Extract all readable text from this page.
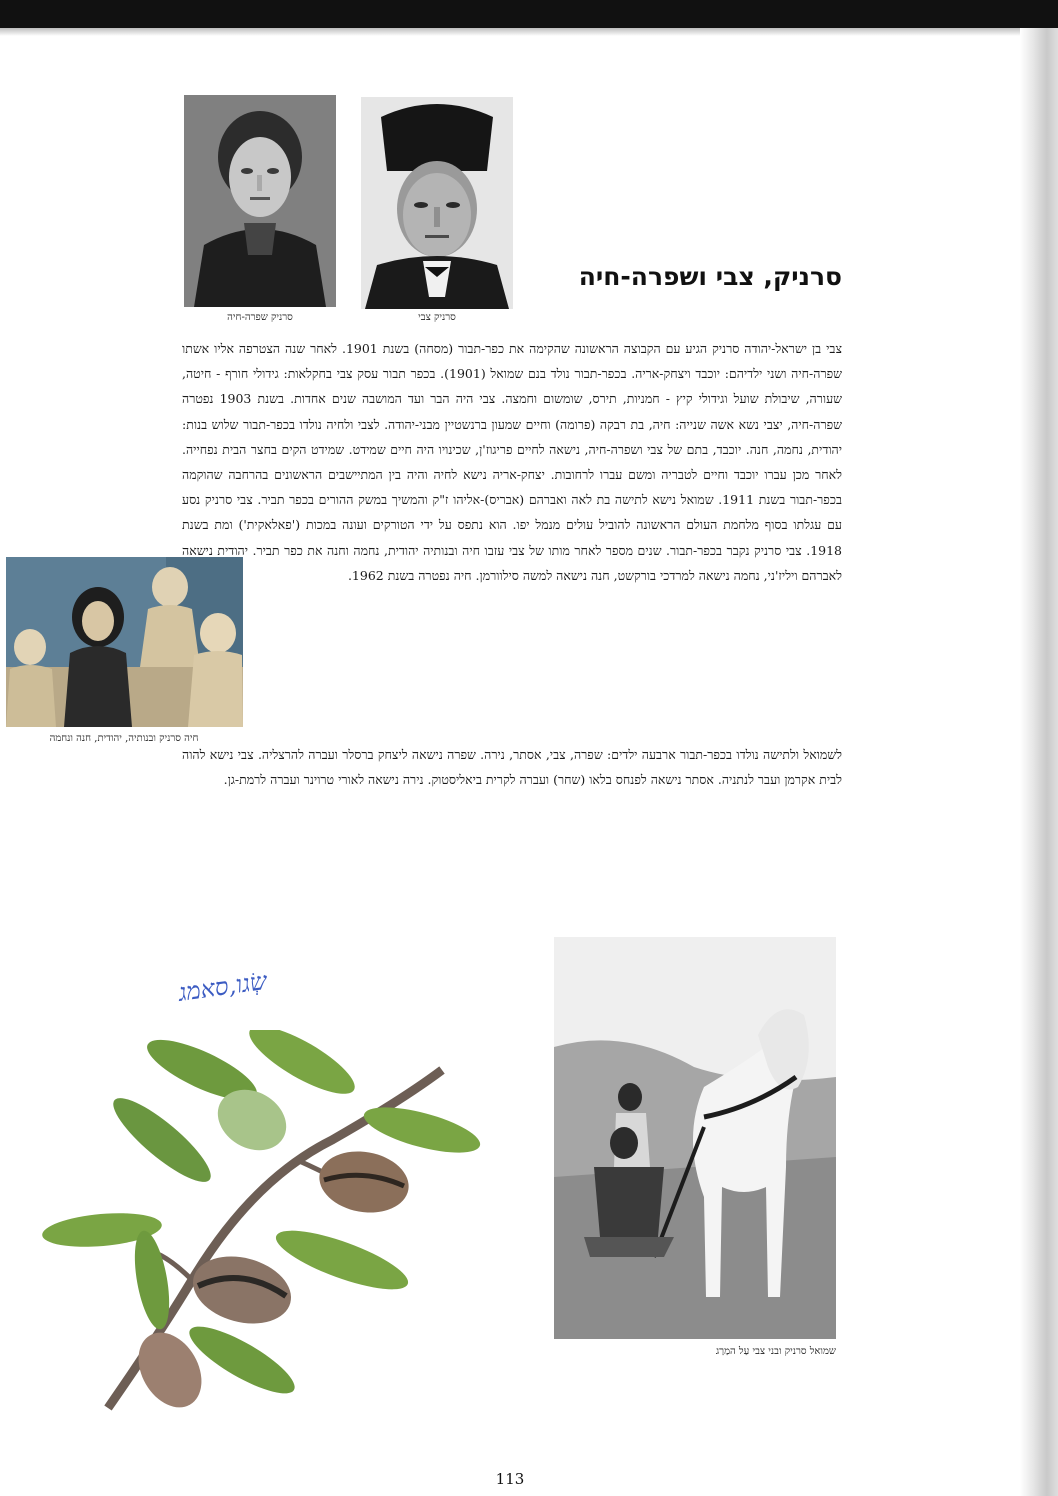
סרניק שפרה-חיה	סרניק צבי
סרניק, צבי ושפרה-חיה
חיה סרניק ובנותיה, יהודית, חנה ונחמה
צבי בן ישראל-יהודה סרניק הגיע עם הקבוצה הראשונה שהקימה את כפר-תבור (מסחה) בשנת 1901. לאחר שנה הצטרפה אליו אשתו שפרה-חיה ושני ילדיהם: יוכבד ויצחק-אריה. בכפר-תבור נולד בנם שמואל (1901). בכפר תבור עסק צבי בחקלאות: גידולי חורף - חיטה, שעורה, שיבולת שועל וגידולי קיץ - חמניות, תירס, שומשום וחמצה. צבי היה הבר ועד המושבה שנים אחדות. בשנת 1903 נפטרה שפרה-חיה, יצבי נשא אשה שנייה: חיה, בת רבקה (פרומה) וחיים שמעון ברנשטיין מבני-יהודה. לצבי ולחיה נולדו בכפר-תבור שלוש בנות: יהודית, נחמה, חנה. יוכבד, בתם של צבי ושפרה-חיה, נישאה לחיים פריגוז'ן, שכינויו היה חיים שמידט. שמידט הקים בחצר הבית נפחייה. לאחר מכן עברו יוכבד וחיים לטבריה ומשם עברו לרחובות. יצחק-אריה נישא לחיה והיה בין המתיישבים הראשונים בהרחבה שהוקמה בכפר-תבור בשנת 1911. שמואל נישא לתישה בת לאה ואברהם (אבריס)-אליהו ז"ק והמשיך במשק ההורים בכפר תביר. צבי סרניק נסע עם עגלתו בסוף מלחמת העולם הראשונה להוביל עולים מנמל יפו. הוא נתפס על ידי הטורקים ועונה במכות ('פאלאקית') ומת בשנת 1918. צבי סרניק נקבר בכפר-תבור. שנים מספר לאחר מותו של צבי עזבו חיה ובנותיה יהודית, נחמה וחנה את כפר תביר. יהודית נישאה לאברהם ויליז'ני, נחמה נישאה למרדכי בורקשט, חנה נישאה למשה סילוורמן. חיה נפטרה בשנת 1962.
לשמואל ולתישה נולדו בכפר-תבור ארבעה ילדים: שפרה, צבי, אסתר, נירה. שפרה נישאה ליצחק ברסלר ועברה להרצליה. צבי נישא להוה לבית אקרמן ועבר לנתניה. אסתר נישאה לפנחס בלאו (שחר) ועברה לקרית ביאליסטוק. נירה נישאה לאורי טרוינר ועברה לרמת-גן.
שְׂגו,סאמג
שמואל סרניק ובני צבי עַל המַרַג
113
